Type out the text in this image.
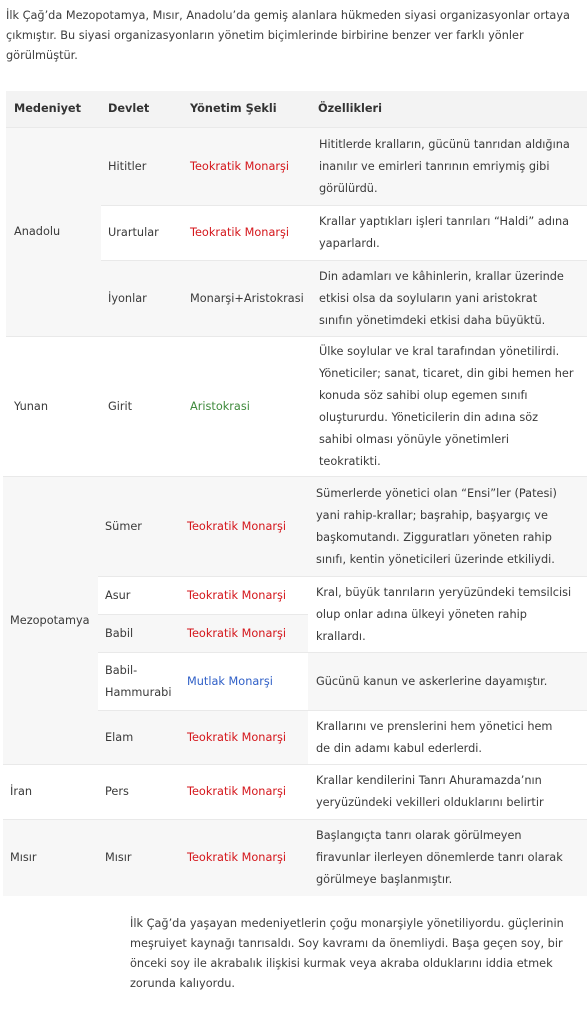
İlk Çağ’da Mezopotamya, Mısır, Anadolu’da gemiş alanlara hükmeden siyasi organizasyonlar ortaya
çıkmıştır. Bu siyasi organizasyonların yönetim biçimlerinde birbirine benzer ver farklı yönler
görülmüştür.

Medeniyet Devlet	Yönetim Şekli	Özellikleri
Anadolu
Hititler	Teokratik Monarşi
Hititlerde kralların, gücünü tanrıdan aldığına
inanılır ve emirleri tanrının emriymiş gibi
görülürdü.
Urartular	Teokratik Monarşi
Krallar yaptıkları işleri tanrıları “Haldi” adına
yaparlardı.
İyonlar	Monarşi+Aristokrasi
Din adamları ve kâhinlerin, krallar üzerinde
etkisi olsa da soyluların yani aristokrat
sınıfın yönetimdeki etkisi daha büyüktü.
Yunan	Girit	Aristokrasi
Ülke soylular ve kral tarafından yönetilirdi.
Yöneticiler; sanat, ticaret, din gibi hemen her
konuda söz sahibi olup egemen sınıfı
oluştururdu. Yöneticilerin din adına söz
sahibi olması yönüyle yönetimleri
teokratikti.
Mezopotamya
Sümer	Teokratik Monarşi
Sümerlerde yönetici olan “Ensi”ler (Patesi)
yani rahip-krallar; başrahip, başyargıç ve
başkomutandı. Zigguratları yöneten rahip
sınıfı, kentin yöneticileri üzerinde etkiliydi.
Asur	Teokratik Monarşi
Babil	Teokratik Monarşi
Kral, büyük tanrıların yeryüzündeki temsilcisi
olup onlar adına ülkeyi yöneten rahip
krallardı.
Babil-
Hammurabi
Mutlak Monarşi	Gücünü kanun ve askerlerine dayamıştır.
Elam	Teokratik Monarşi
Krallarını ve prenslerini hem yönetici hem
de din adamı kabul ederlerdi.
İran	Pers	Teokratik Monarşi
Krallar kendilerini Tanrı Ahuramazda’nın
yeryüzündeki vekilleri olduklarını belirtir
Mısır	Mısır	Teokratik Monarşi
Başlangıçta tanrı olarak görülmeyen
firavunlar ilerleyen dönemlerde tanrı olarak
görülmeye başlanmıştır.

İlk Çağ’da yaşayan medeniyetlerin çoğu monarşiyle yönetiliyordu. güçlerinin
meşruiyet kaynağı tanrısaldı. Soy kavramı da önemliydi. Başa geçen soy, bir
önceki soy ile akrabalık ilişkisi kurmak veya akraba olduklarını iddia etmek
zorunda kalıyordu.
